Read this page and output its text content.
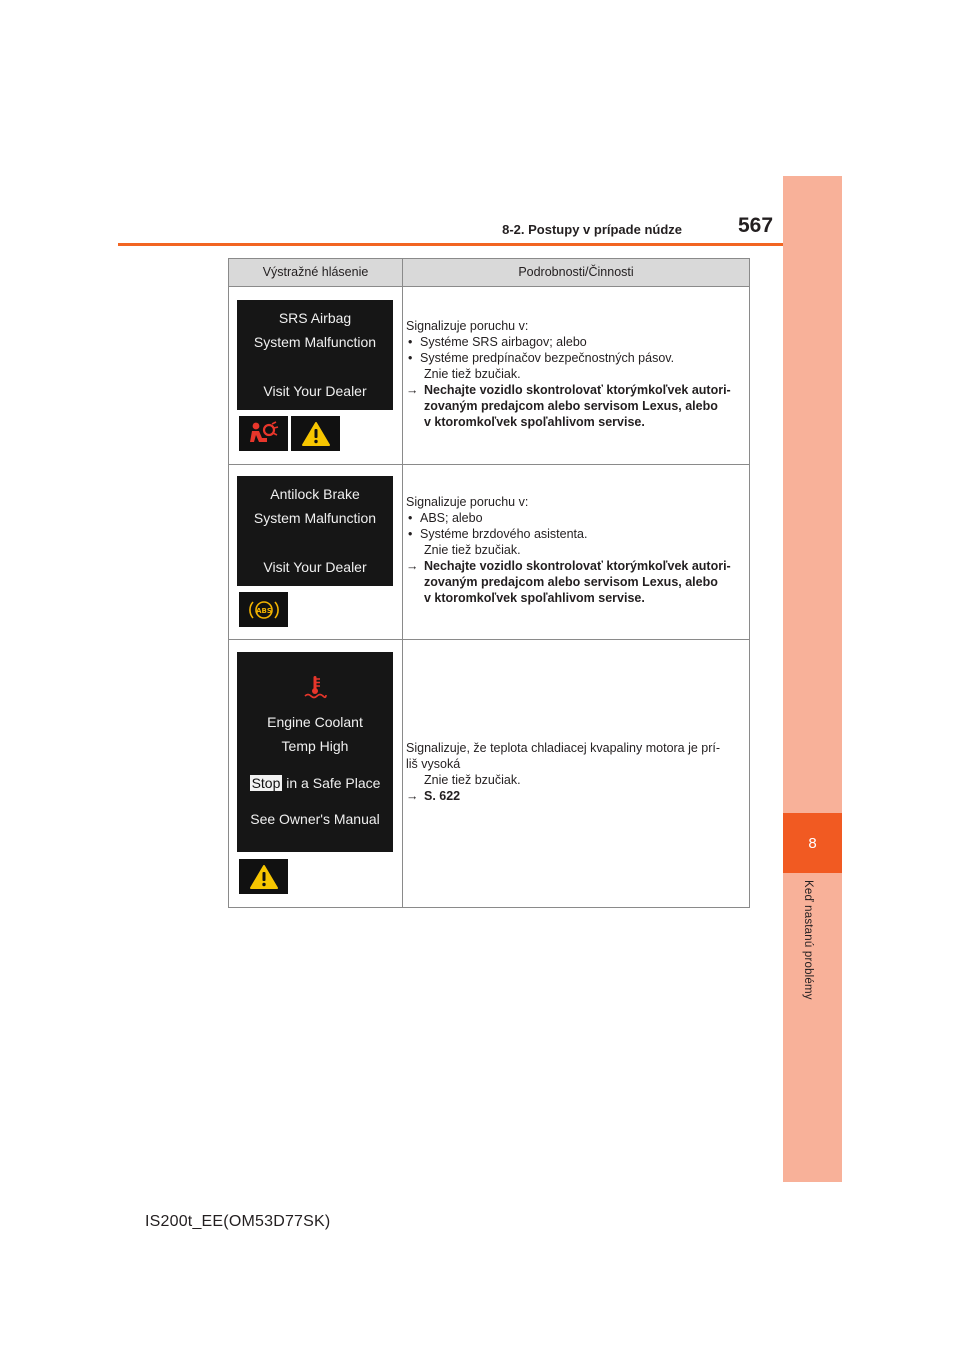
8-2. Postupy v prípade núdze	567
8
Keď nastanú problémy
Výstražné hlásenie	Podrobnosti/Činnosti
SRS Airbag
System Malfunction
Visit Your Dealer
Signalizuje poruchu v:
• Systéme SRS airbagov; alebo
• Systéme predpínačov bezpečnostných pásov.
Znie tiež bzučiak.
→ Nechajte vozidlo skontrolovať ktorýmkoľvek autori-
zovaným predajcom alebo servisom Lexus, alebo
v ktoromkoľvek spoľahlivom servise.
Antilock Brake
System Malfunction
Visit Your Dealer
ABS
Signalizuje poruchu v:
• ABS; alebo
• Systéme brzdového asistenta.
Znie tiež bzučiak.
→ Nechajte vozidlo skontrolovať ktorýmkoľvek autori-
zovaným predajcom alebo servisom Lexus, alebo
v ktoromkoľvek spoľahlivom servise.
Engine Coolant
Temp High
Stop in a Safe Place
See Owner's Manual
Signalizuje, že teplota chladiacej kvapaliny motora je prí-
liš vysoká
Znie tiež bzučiak.
→ S. 622
IS200t_EE(OM53D77SK)
